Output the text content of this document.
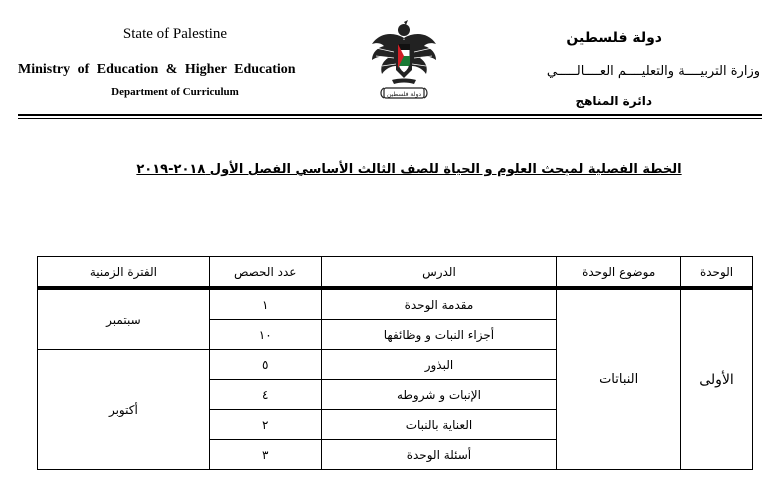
State of Palestine
Ministry of Education & Higher Education
Department of Curriculum	دولة فلسطين
دولة فلسطين
وزارة التربيــــة والتعليــــم العــــالـــــي
دائرة المناهج
الخطة الفصلية لمبحث العلوم و الحياة للصف الثالث الأساسي الفصل الأول ٢٠١٨-٢٠١٩
الوحدة	موضوع الوحدة	الدرس	عدد الحصص	الفترة الزمنية

الأولى	النباتات	مقدمة الوحدة	١	سبتمبر
		أجزاء النبات و وظائفها	١٠	
		البذور	٥	أكتوبر
		الإنبات و شروطه	٤	
		العناية بالنبات	٢	
		أسئلة الوحدة	٣	
